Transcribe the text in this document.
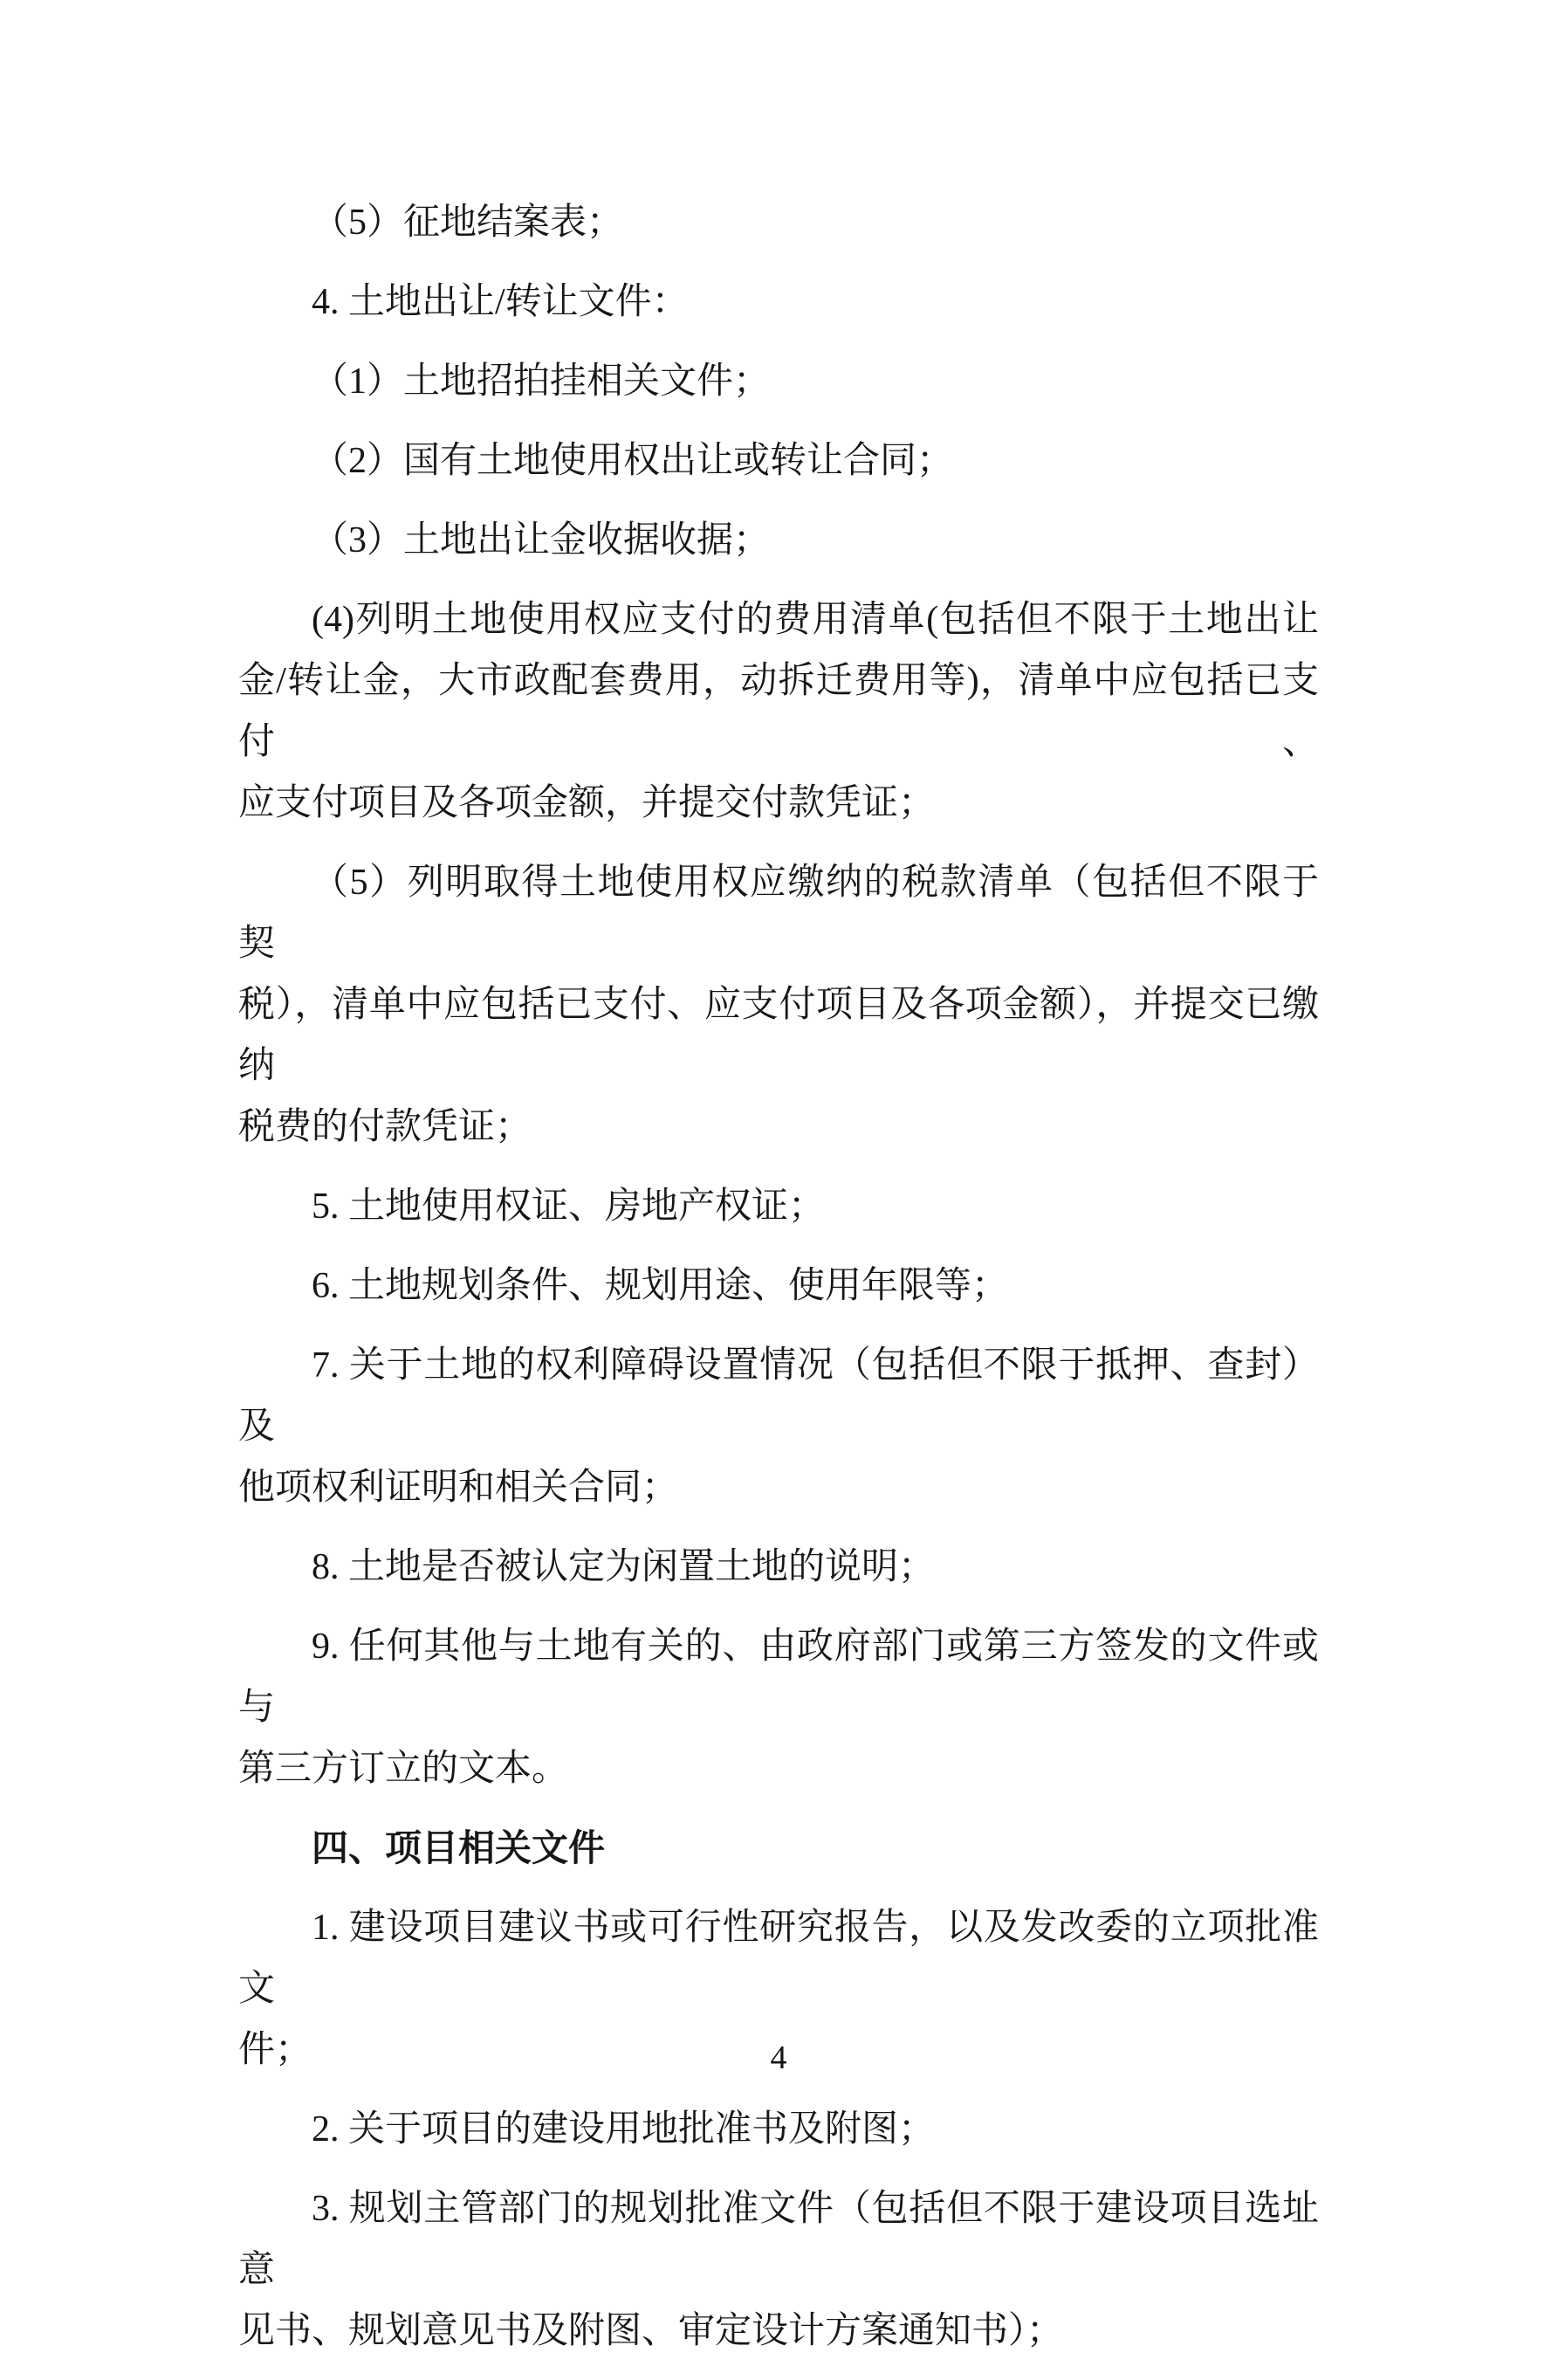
（5）征地结案表；
4. 土地出让/转让文件：
（1）土地招拍挂相关文件；
（2）国有土地使用权出让或转让合同；
（3）土地出让金收据收据；
(4)列明土地使用权应支付的费用清单(包括但不限于土地出让
金/转让金，大市政配套费用，动拆迁费用等)，清单中应包括已支付、
应支付项目及各项金额，并提交付款凭证；
（5）列明取得土地使用权应缴纳的税款清单（包括但不限于契
税），清单中应包括已支付、应支付项目及各项金额），并提交已缴纳
税费的付款凭证；
5. 土地使用权证、房地产权证；
6. 土地规划条件、规划用途、使用年限等；
7. 关于土地的权利障碍设置情况（包括但不限于抵押、查封）及
他项权利证明和相关合同；
8. 土地是否被认定为闲置土地的说明；
9. 任何其他与土地有关的、由政府部门或第三方签发的文件或与
第三方订立的文本。
四、项目相关文件
1. 建设项目建议书或可行性研究报告，以及发改委的立项批准文
件；
2. 关于项目的建设用地批准书及附图；
3. 规划主管部门的规划批准文件（包括但不限于建设项目选址意
见书、规划意见书及附图、审定设计方案通知书）；
4
